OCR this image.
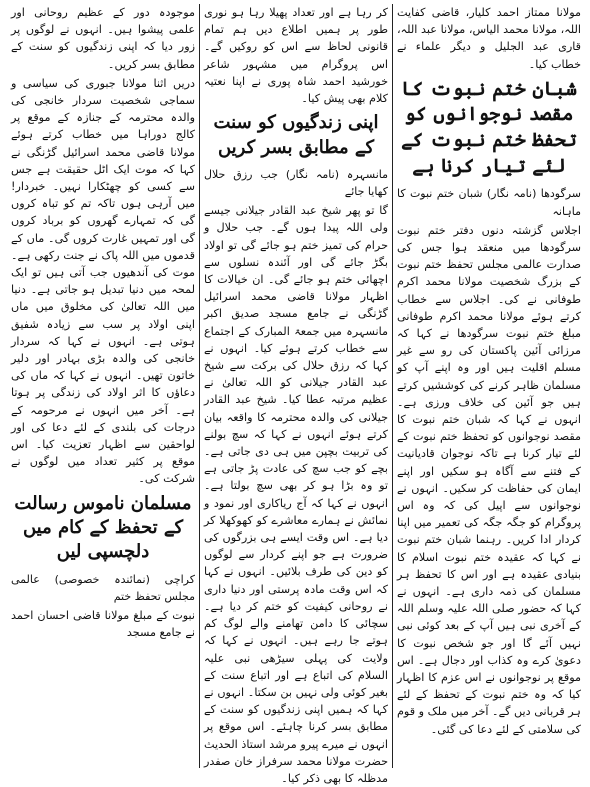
مولانا ممتاز احمد کلیار، قاضی کفایت اللہ، مولانا محمد الیاس، مولانا عبد اللہ، قاری عبد الجلیل و دیگر علماء نے خطاب کیا۔

شبان ختم نبوت کا مقصد نوجوانوں کو تحفظ ختم نبوت کے لئے تیار کرنا ہے

سرگودھا (نامہ نگار) شبان ختم نبوت کا ماہانہ

اجلاس گزشتہ دنوں دفتر ختم نبوت سرگودھا میں منعقد ہوا جس کی صدارت عالمی مجلس تحفظ ختم نبوت کے بزرگ شخصیت مولانا محمد اکرم طوفانی نے کی۔ اجلاس سے خطاب کرتے ہوئے مولانا محمد اکرم طوفانی مبلغ ختم نبوت سرگودھا نے کہا کہ مرزائی آئین پاکستان کی رو سے غیر مسلم اقلیت ہیں اور وہ اپنے آپ کو مسلمان ظاہر کرنے کی کوششیں کرتے ہیں جو آئین کی خلاف ورزی ہے۔ انہوں نے کہا کہ شبان ختم نبوت کا مقصد نوجوانوں کو تحفظ ختم نبوت کے لئے تیار کرنا ہے تاکہ نوجوان قادیانیت کے فتنے سے آگاہ ہو سکیں اور اپنے ایمان کی حفاظت کر سکیں۔ انہوں نے نوجوانوں سے اپیل کی کہ وہ اس پروگرام کو جگہ جگہ کی تعمیر میں اپنا کردار ادا کریں۔ رہنما شبان ختم نبوت نے کہا کہ عقیدہ ختم نبوت اسلام کا بنیادی عقیدہ ہے اور اس کا تحفظ ہر مسلمان کی ذمہ داری ہے۔ انہوں نے کہا کہ حضور صلی اللہ علیہ وسلم اللہ کے آخری نبی ہیں آپ کے بعد کوئی نبی نہیں آئے گا اور جو شخص نبوت کا دعویٰ کرے وہ کذاب اور دجال ہے۔ اس موقع پر نوجوانوں نے اس عزم کا اظہار کیا کہ وہ ختم نبوت کے تحفظ کے لئے ہر قربانی دیں گے۔ آخر میں ملک و قوم کی سلامتی کے لئے دعا کی گئی۔

کر رہا ہے اور تعداد پھیلا رہا ہو نوری طور پر ہمیں اطلاع دیں ہم تمام قانونی لحاظ سے اس کو روکیں گے۔ اس پروگرام میں مشہور شاعر خورشید احمد شاہ پوری نے اپنا نعتیہ کلام بھی پیش کیا۔

اپنی زندگیوں کو سنت کے مطابق بسر کریں

مانسہرہ (نامہ نگار) جب رزق حلال کھایا جائے

گا تو پھر شیخ عبد القادر جیلانی جیسے ولی اللہ پیدا ہوں گے۔ جب حلال و حرام کی تمیز ختم ہو جائے گی تو اولاد بگڑ جائے گی اور آئندہ نسلوں سے اچھائی ختم ہو جائے گی۔ ان خیالات کا اظہار مولانا قاضی محمد اسرائیل گڑنگی نے جامع مسجد صدیق اکبر مانسہرہ میں جمعۃ المبارک کے اجتماع سے خطاب کرتے ہوئے کیا۔ انہوں نے کہا کہ رزق حلال کی برکت سے شیخ عبد القادر جیلانی کو اللہ تعالیٰ نے عظیم مرتبہ عطا کیا۔ شیخ عبد القادر جیلانی کی والدہ محترمہ کا واقعہ بیان کرتے ہوئے انہوں نے کہا کہ سچ بولنے کی تربیت بچپن میں ہی دی جاتی ہے۔ بچے کو جب سچ کی عادت پڑ جاتی ہے تو وہ بڑا ہو کر بھی سچ بولتا ہے۔ انہوں نے کہا کہ آج ریاکاری اور نمود و نمائش نے ہمارے معاشرے کو کھوکھلا کر دیا ہے۔ اس وقت ایسے ہی بزرگوں کی ضرورت ہے جو اپنے کردار سے لوگوں کو دین کی طرف بلائیں۔ انہوں نے کہا کہ اس وقت مادہ پرستی اور دنیا داری نے روحانی کیفیت کو ختم کر دیا ہے۔ سچائی کا دامن تھامنے والے لوگ کم ہوتے جا رہے ہیں۔ انہوں نے کہا کہ ولایت کی پہلی سیڑھی نبی علیہ السلام کی اتباع ہے اور اتباع سنت کے بغیر کوئی ولی نہیں بن سکتا۔ انہوں نے کہا کہ ہمیں اپنی زندگیوں کو سنت کے مطابق بسر کرنا چاہئے۔ اس موقع پر انہوں نے میرے پیرو مرشد استاذ الحدیث حضرت مولانا محمد سرفراز خان صفدر مدظلہ کا بھی ذکر کیا۔

موجودہ دور کے عظیم روحانی اور علمی پیشوا ہیں۔ انہوں نے لوگوں پر زور دیا کہ اپنی زندگیوں کو سنت کے مطابق بسر کریں۔

دریں اثنا مولانا جبوری کی سیاسی و سماجی شخصیت سردار خانجی کی والدہ محترمہ کے جنازہ کے موقع پر کالج دوراہا میں خطاب کرتے ہوئے مولانا قاضی محمد اسرائیل گڑنگی نے کہا کہ موت ایک اٹل حقیقت ہے جس سے کسی کو چھٹکارا نہیں۔ خبردار! میں آرہی ہوں تاکہ تم کو تباہ کروں گی کہ تمہارے گھروں کو برباد کروں گی اور تمہیں غارت کروں گی۔ ماں کے قدموں میں اللہ پاک نے جنت رکھی ہے۔ موت کی آندھیوں جب آتی ہیں تو ایک لمحہ میں دنیا تبدیل ہو جاتی ہے۔ دنیا میں اللہ تعالیٰ کی مخلوق میں ماں اپنی اولاد پر سب سے زیادہ شفیق ہوتی ہے۔ انہوں نے کہا کہ سردار خانجی کی والدہ بڑی بہادر اور دلیر خاتون تھیں۔ انہوں نے کہا کہ ماں کی دعاؤں کا اثر اولاد کی زندگی پر ہوتا ہے۔ آخر میں انہوں نے مرحومہ کے درجات کی بلندی کے لئے دعا کی اور لواحقین سے اظہار تعزیت کیا۔ اس موقع پر کثیر تعداد میں لوگوں نے شرکت کی۔

مسلمان ناموس رسالت کے تحفظ کے کام میں دلچسپی لیں

کراچی (نمائندہ خصوصی) عالمی مجلس تحفظ ختم

نبوت کے مبلغ مولانا قاضی احسان احمد نے جامع مسجد
